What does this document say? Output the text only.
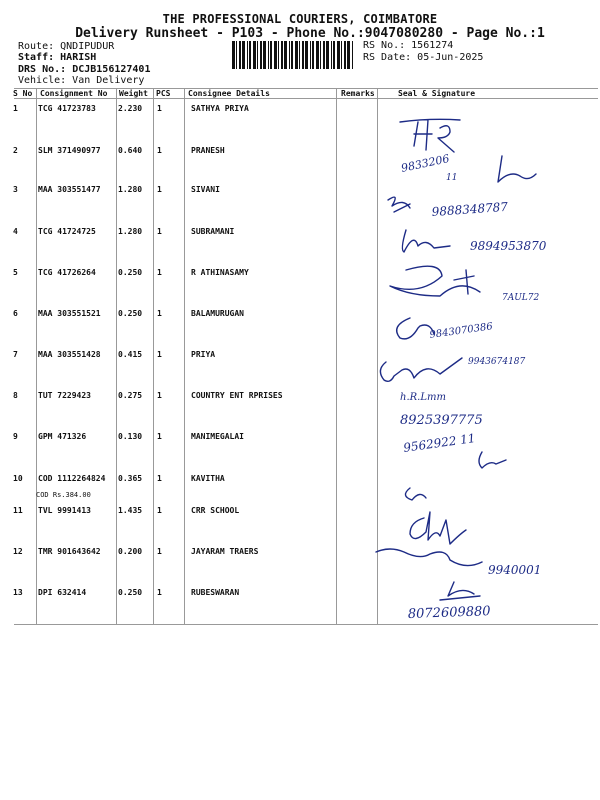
THE PROFESSIONAL COURIERS, COIMBATORE
Delivery Runsheet - P103 - Phone No.:9047080280 - Page No.:1
Route: QNDIPUDUR
Staff: HARISH
DRS No.: DCJB156127401
Vehicle: Van Delivery
RS No.: 1561274
RS Date: 05-Jun-2025
S No Consignment No Weight PCS Consignee Details	Remarks	Seal & Signature
1	TCG 41723783	2.230 1	SATHYA PRIYA
2	SLM 371490977 0.640 1	PRANESH
3	MAA 303551477 1.280 1	SIVANI
4	TCG 41724725	1.280 1	SUBRAMANI
5	TCG 41726264	0.250 1	R ATHINASAMY
6	MAA 303551521 0.250 1	BALAMURUGAN
7	MAA 303551428 0.415 1	PRIYA
8	TUT 7229423	0.275 1	COUNTRY ENT RPRISES
9	GPM 471326	0.130 1	MANIMEGALAI
10 COD 1112264824 0.365 1	KAVITHA
COD Rs.384.00
11 TVL 9991413	1.435 1	CRR SCHOOL
12 TMR 901643642 0.200 1	JAYARAM TRAERS
13 DPI 632414	0.250 1	RUBESWARAN
9833206
11
9888348787
9894953870
7AUL72
9843070386
9943674187
h.R.Lmm
8925397775
9562922 11
9940001
8072609880
